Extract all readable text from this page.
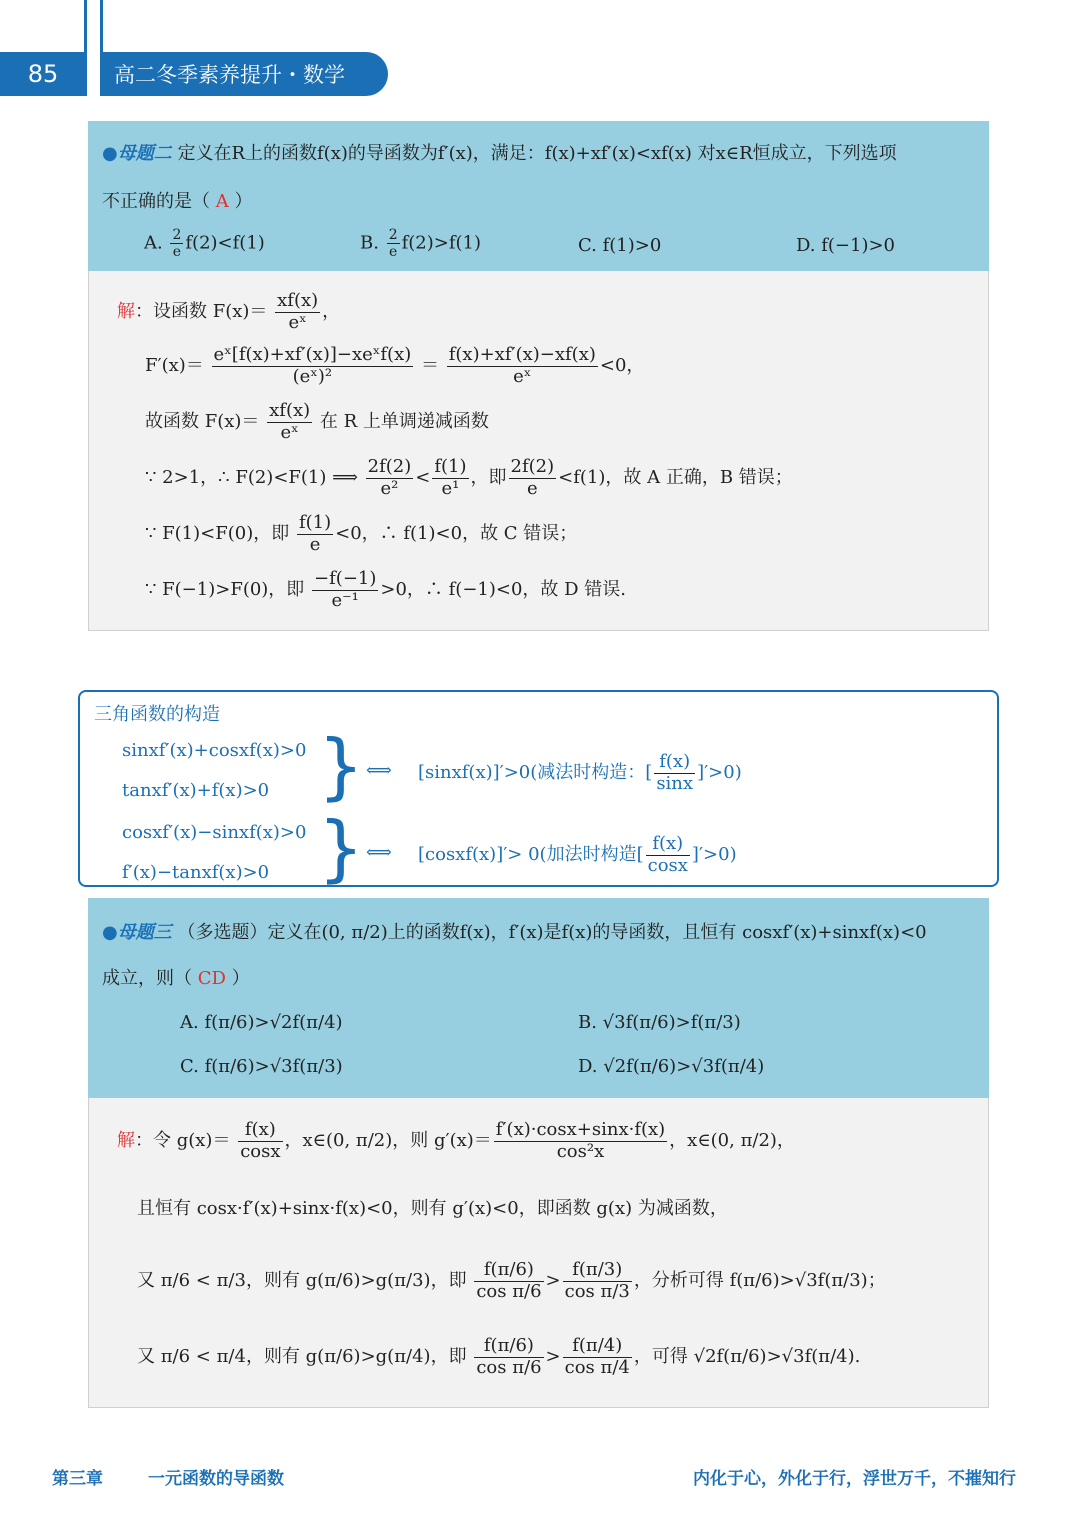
85	高二冬季素养提升・数学
●母题二 定义在R上的函数f(x)的导函数为f′(x)，满足：f(x)+xf′(x)<xf(x) 对x∈R恒成立，下列选项
不正确的是（ A ）
A. $\frac{2}{e} f(2)<f(1)$	B. $\frac{2}{e} f(2)>f(1)$	C. f(1)>0	D. f(−1)>0
解：设函数 $F(x)= \frac{xf(x)}{\text{eˣ}}$ ，
$F'(x)= \frac{\text{eˣ[f(x)+xf′(x)]−xeˣf(x)}}{\text{(eˣ)²}} = \frac{f(x)+xf'(x)-xf(x)}{\text{eˣ}} <0$，
故函数 $F(x)= \frac{xf(x)}{\text{eˣ}}$ 在 R 上单调递减函数
∵ 2>1，∴ F(2)<F(1) ⟹ $\frac{2f(2)}{\text{e²}} < \frac{f(1)}{\text{e¹}}$ ，即 $\frac{2f(2)}{e} <f(1)$，故 A 正确，B 错误；
∵ F(1)<F(0)，即 $\frac{f(1)}{e} <0$，∴ f(1)<0，故 C 错误；
∵ F(−1)>F(0)，即 $\frac{-f(-1)}{\text{e⁻¹}} >0$，∴ f(−1)<0，故 D 错误.
三角函数的构造
sinxf′(x)+cosxf(x)>0
tanxf′(x)+f(x)>0 } ⟺ [sinxf(x)]′>0(减法时构造：[ $\frac{f(x)}{\sin x} ]'>0$)
cosxf′(x)−sinxf(x)>0
f′(x)−tanxf(x)>0 } ⟺ [cosxf(x)]′> 0(加法时构造[ $\frac{f(x)}{\cos x} ]'>0$)
●母题三 （多选题）定义在(0, π/2)上的函数f(x)，f′(x)是f(x)的导函数，且恒有 cosxf′(x)+sinxf(x)<0
成立，则（ CD ）
A. f(π/6)>√2f(π/4)	B. √3f(π/6)>f(π/3)
C. f(π/6)>√3f(π/3)	D. √2f(π/6)>√3f(π/4)
解：令 $g(x)= \frac{f(x)}{\cos x}$ ，x∈(0, π/2)，则 $g'(x)= \frac{f'(x)\cdot\cos x+\sin x\cdot f(x)}{\text{cos²x}}$ ，x∈(0, π/2)，
且恒有 cosx·f′(x)+sinx·f(x)<0，则有 g′(x)<0，即函数 g(x) 为减函数，
又 π/6 < π/3，则有 g(π/6)>g(π/3)，即 $\frac{f(\pi/6)}{\text{cos π/6}} > \frac{f(\pi/3)}{\text{cos π/3}}$ ，分析可得 f(π/6)>√3f(π/3)；
又 π/6 < π/4，则有 g(π/6)>g(π/4)，即 $\frac{f(\pi/6)}{\text{cos π/6}} > \frac{f(\pi/4)}{\text{cos π/4}}$ ，可得 √2f(π/6)>√3f(π/4).
第三章	一元函数的导函数	内化于心，外化于行，浮世万千，不摧知行
